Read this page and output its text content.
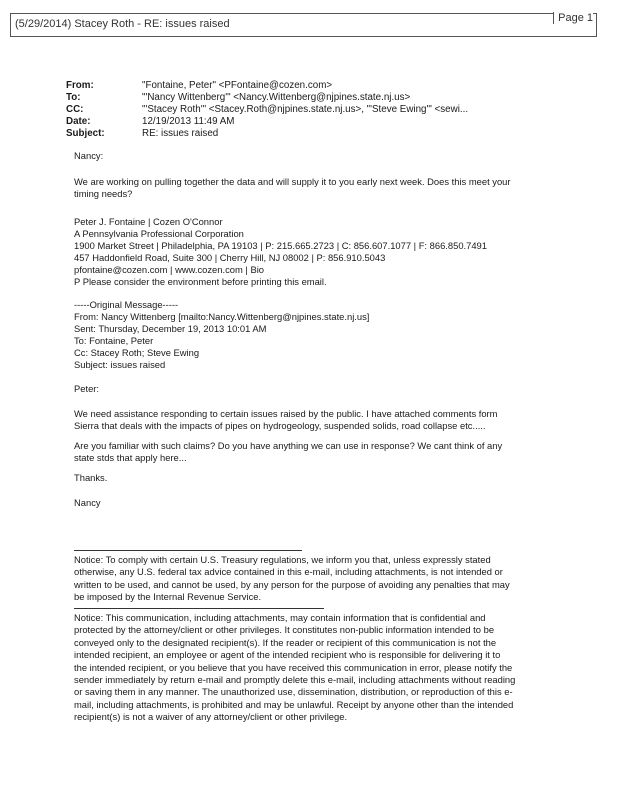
(5/29/2014) Stacey Roth - RE: issues raised	Page 1
From:	"Fontaine, Peter" <PFontaine@cozen.com>
To:	"'Nancy Wittenberg'" <Nancy.Wittenberg@njpines.state.nj.us>
CC:	"'Stacey Roth'" <Stacey.Roth@njpines.state.nj.us>, "'Steve Ewing'" <sewi...
Date:	12/19/2013 11:49 AM
Subject:	RE: issues raised
Nancy:
We are working on pulling together the data and will supply it to you early next week. Does this meet your
timing needs?
Peter J. Fontaine | Cozen O'Connor
A Pennsylvania Professional Corporation
1900 Market Street | Philadelphia, PA 19103 | P: 215.665.2723 | C: 856.607.1077 | F: 866.850.7491
457 Haddonfield Road, Suite 300 | Cherry Hill, NJ 08002 | P: 856.910.5043
pfontaine@cozen.com | www.cozen.com | Bio
P Please consider the environment before printing this email.
-----Original Message-----
From: Nancy Wittenberg [mailto:Nancy.Wittenberg@njpines.state.nj.us]
Sent: Thursday, December 19, 2013 10:01 AM
To: Fontaine, Peter
Cc: Stacey Roth; Steve Ewing
Subject: issues raised
Peter:
We need assistance responding to certain issues raised by the public. I have attached comments form
Sierra that deals with the impacts of pipes on hydrogeology, suspended solids, road collapse etc.....
Are you familiar with such claims? Do you have anything we can use in response? We cant think of any
state stds that apply here...
Thanks.
Nancy
Notice: To comply with certain U.S. Treasury regulations, we inform you that, unless expressly stated
otherwise, any U.S. federal tax advice contained in this e-mail, including attachments, is not intended or
written to be used, and cannot be used, by any person for the purpose of avoiding any penalties that may
be imposed by the Internal Revenue Service.
Notice: This communication, including attachments, may contain information that is confidential and
protected by the attorney/client or other privileges. It constitutes non-public information intended to be
conveyed only to the designated recipient(s). If the reader or recipient of this communication is not the
intended recipient, an employee or agent of the intended recipient who is responsible for delivering it to
the intended recipient, or you believe that you have received this communication in error, please notify the
sender immediately by return e-mail and promptly delete this e-mail, including attachments without reading
or saving them in any manner. The unauthorized use, dissemination, distribution, or reproduction of this e-
mail, including attachments, is prohibited and may be unlawful. Receipt by anyone other than the intended
recipient(s) is not a waiver of any attorney/client or other privilege.
